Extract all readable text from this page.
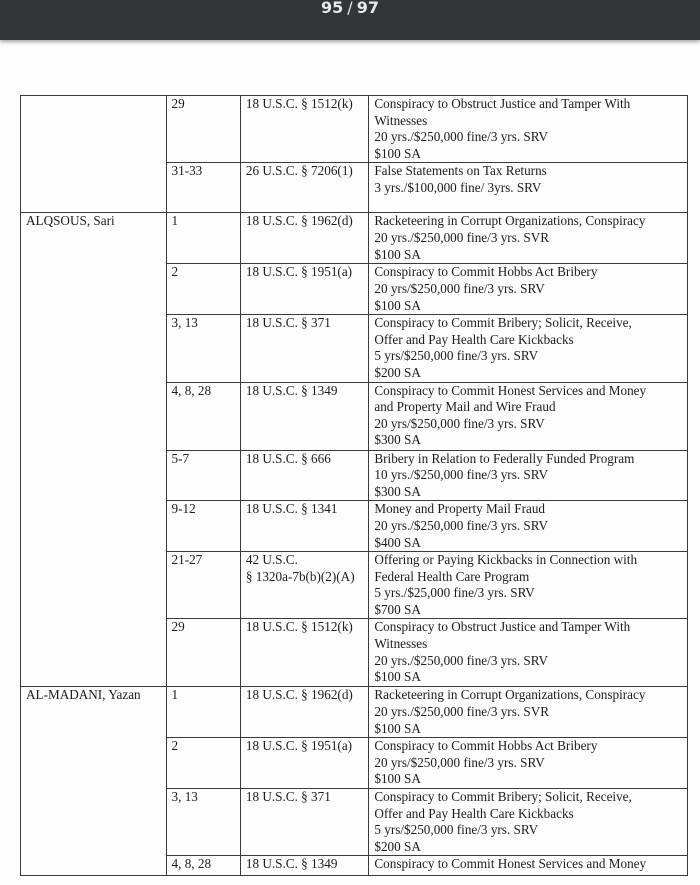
95 / 97

	29	18 U.S.C. § 1512(k)	Conspiracy to Obstruct Justice and Tamper With
Witnesses
20 yrs./$250,000 fine/3 yrs. SRV
$100 SA

	31-33	26 U.S.C. § 7206(1)	False Statements on Tax Returns
3 yrs./$100,000 fine/ 3yrs. SRV

ALQSOUS, Sari	1	18 U.S.C. § 1962(d)	Racketeering in Corrupt Organizations, Conspiracy
20 yrs./$250,000 fine/3 yrs. SVR
$100 SA

	2	18 U.S.C. § 1951(a)	Conspiracy to Commit Hobbs Act Bribery
20 yrs/$250,000 fine/3 yrs. SRV
$100 SA

	3, 13	18 U.S.C. § 371	Conspiracy to Commit Bribery; Solicit, Receive,
Offer and Pay Health Care Kickbacks
5 yrs/$250,000 fine/3 yrs. SRV
$200 SA

	4, 8, 28	18 U.S.C. § 1349	Conspiracy to Commit Honest Services and Money
and Property Mail and Wire Fraud
20 yrs/$250,000 fine/3 yrs. SRV
$300 SA

	5-7	18 U.S.C. § 666	Bribery in Relation to Federally Funded Program
10 yrs./$250,000 fine/3 yrs. SRV
$300 SA

	9-12	18 U.S.C. § 1341	Money and Property Mail Fraud
20 yrs./$250,000 fine/3 yrs. SRV
$400 SA

	21-27	42 U.S.C.
§ 1320a-7b(b)(2)(A)	Offering or Paying Kickbacks in Connection with
Federal Health Care Program
5 yrs./$25,000 fine/3 yrs. SRV
$700 SA

	29	18 U.S.C. § 1512(k)	Conspiracy to Obstruct Justice and Tamper With
Witnesses
20 yrs./$250,000 fine/3 yrs. SRV
$100 SA

AL-MADANI, Yazan	1	18 U.S.C. § 1962(d)	Racketeering in Corrupt Organizations, Conspiracy
20 yrs./$250,000 fine/3 yrs. SVR
$100 SA

	2	18 U.S.C. § 1951(a)	Conspiracy to Commit Hobbs Act Bribery
20 yrs/$250,000 fine/3 yrs. SRV
$100 SA

	3, 13	18 U.S.C. § 371	Conspiracy to Commit Bribery; Solicit, Receive,
Offer and Pay Health Care Kickbacks
5 yrs/$250,000 fine/3 yrs. SRV
$200 SA

	4, 8, 28	18 U.S.C. § 1349	Conspiracy to Commit Honest Services and Money
